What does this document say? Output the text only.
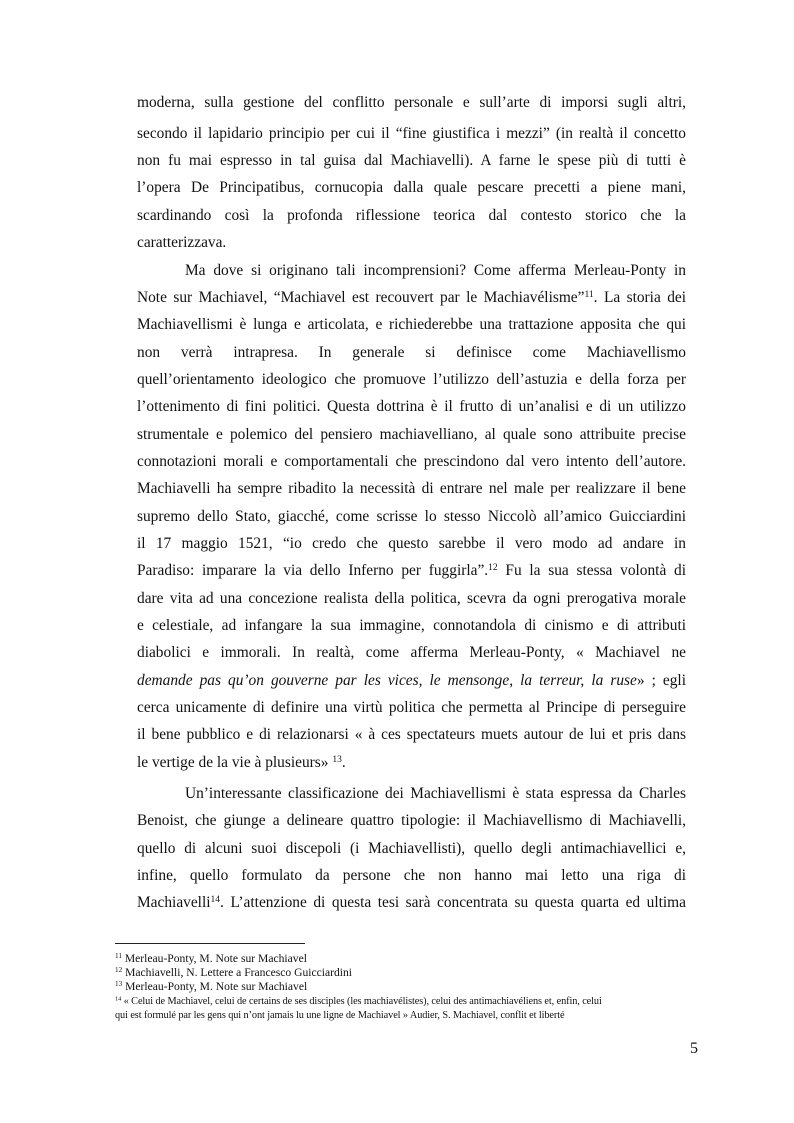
moderna, sulla gestione del conflitto personale e sull’arte di imporsi sugli altri,
secondo il lapidario principio per cui il “fine giustifica i mezzi” (in realtà il concetto
non fu mai espresso in tal guisa dal Machiavelli). A farne le spese più di tutti è
l’opera De Principatibus, cornucopia dalla quale pescare precetti a piene mani,
scardinando così la profonda riflessione teorica dal contesto storico che la
caratterizzava.
Ma dove si originano tali incomprensioni? Come afferma Merleau-Ponty in
Note sur Machiavel, “Machiavel est recouvert par le Machiavélisme”$^{11}$. La storia dei
Machiavellismi è lunga e articolata, e richiederebbe una trattazione apposita che qui
non verrà intrapresa. In generale si definisce come Machiavellismo
quell’orientamento ideologico che promuove l’utilizzo dell’astuzia e della forza per
l’ottenimento di fini politici. Questa dottrina è il frutto di un’analisi e di un utilizzo
strumentale e polemico del pensiero machiavelliano, al quale sono attribuite precise
connotazioni morali e comportamentali che prescindono dal vero intento dell’autore.
Machiavelli ha sempre ribadito la necessità di entrare nel male per realizzare il bene
supremo dello Stato, giacché, come scrisse lo stesso Niccolò all’amico Guicciardini
il 17 maggio 1521, “io credo che questo sarebbe il vero modo ad andare in
Paradiso: imparare la via dello Inferno per fuggirla”.$^{12}$ Fu la sua stessa volontà di
dare vita ad una concezione realista della politica, scevra da ogni prerogativa morale
e celestiale, ad infangare la sua immagine, connotandola di cinismo e di attributi
diabolici e immorali. In realtà, come afferma Merleau-Ponty, « Machiavel ne
demande pas qu’on gouverne par les vices, le mensonge, la terreur, la ruse» ; egli
cerca unicamente di definire una virtù politica che permetta al Principe di perseguire
il bene pubblico e di relazionarsi « à ces spectateurs muets autour de lui et pris dans
le vertige de la vie à plusieurs» $^{13}$.
Un’interessante classificazione dei Machiavellismi è stata espressa da Charles
Benoist, che giunge a delineare quattro tipologie: il Machiavellismo di Machiavelli,
quello di alcuni suoi discepoli (i Machiavellisti), quello degli antimachiavellici e,
infine, quello formulato da persone che non hanno mai letto una riga di
Machiavelli$^{14}$. L’attenzione di questa tesi sarà concentrata su questa quarta ed ultima
$^{11}$ Merleau-Ponty, M. Note sur Machiavel
$^{12}$ Machiavelli, N. Lettere a Francesco Guicciardini
$^{13}$ Merleau-Ponty, M. Note sur Machiavel
$^{14}$ « Celui de Machiavel, celui de certains de ses disciples (les machiavélistes), celui des antimachiavéliens et, enfin, celui
qui est formulé par les gens qui n’ont jamais lu une ligne de Machiavel » Audier, S. Machiavel, conflit et liberté
5
